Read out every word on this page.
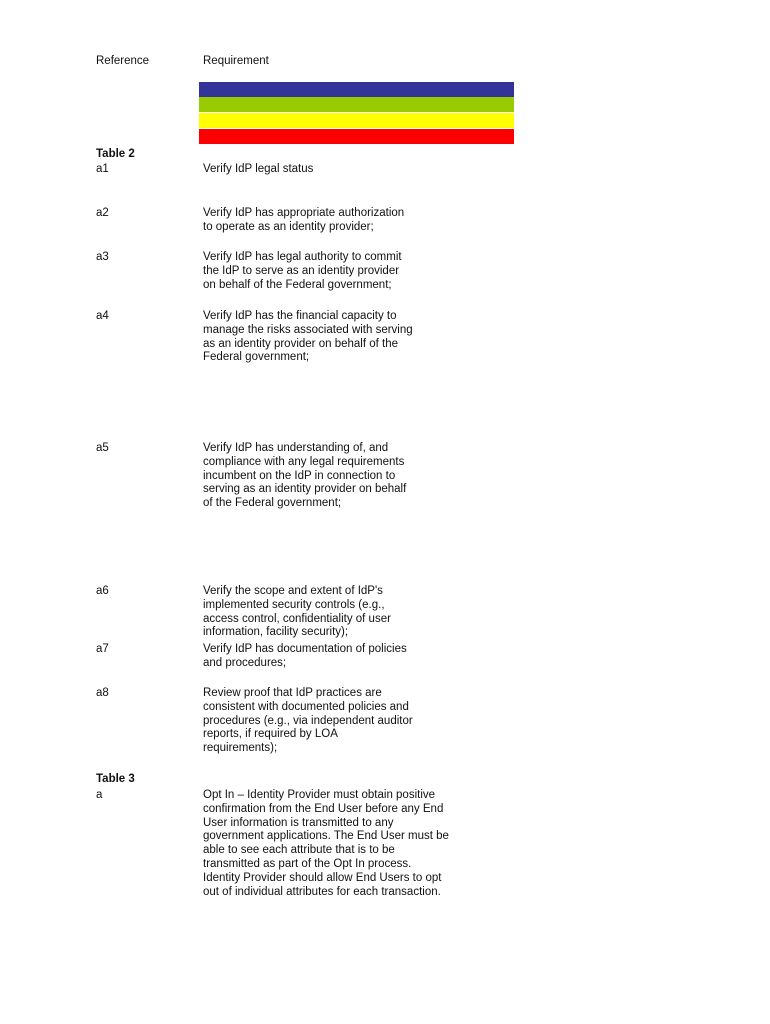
Reference	Requirement
Table 2
a1	Verify IdP legal status
a2	Verify IdP has appropriate authorization
to operate as an identity provider;
a3	Verify IdP has legal authority to commit
the IdP to serve as an identity provider
on behalf of the Federal government;
a4	Verify IdP has the financial capacity to
manage the risks associated with serving
as an identity provider on behalf of the
Federal government;
a5	Verify IdP has understanding of, and
compliance with any legal requirements
incumbent on the IdP in connection to
serving as an identity provider on behalf
of the Federal government;
a6	Verify the scope and extent of IdP's
implemented security controls (e.g.,
access control, confidentiality of user
information, facility security);
a7	Verify IdP has documentation of policies
and procedures;
a8	Review proof that IdP practices are
consistent with documented policies and
procedures (e.g., via independent auditor
reports, if required by LOA
requirements);
Table 3
a	Opt In – Identity Provider must obtain positive
confirmation from the End User before any End
User information is transmitted to any
government applications. The End User must be
able to see each attribute that is to be
transmitted as part of the Opt In process.
Identity Provider should allow End Users to opt
out of individual attributes for each transaction.
